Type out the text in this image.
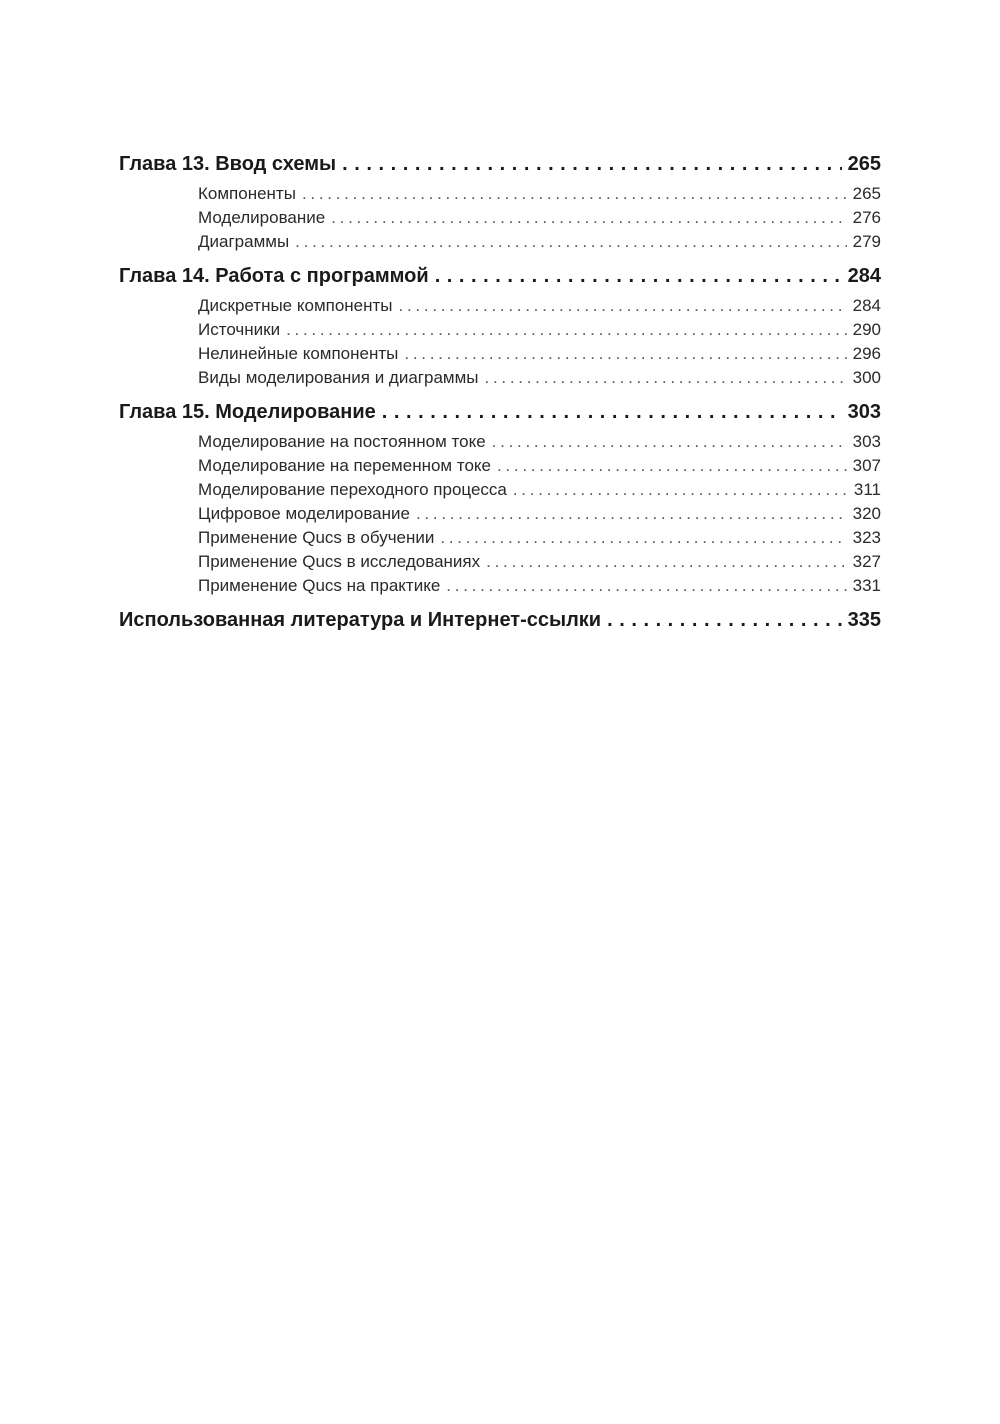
Глава 13. Ввод схемы . . .	265
Компоненты . . .	265
Моделирование . . .	276
Диаграммы . . .	279
Глава 14. Работа с программой . . .	284
Дискретные компоненты . . .	284
Источники . . .	290
Нелинейные компоненты . . .	296
Виды моделирования и диаграммы . . .	300
Глава 15. Моделирование . . .	303
Моделирование на постоянном токе . . .	303
Моделирование на переменном токе . . .	307
Моделирование переходного процесса . . .	311
Цифровое моделирование . . .	320
Применение Qucs в обучении . . .	323
Применение Qucs в исследованиях . . .	327
Применение Qucs на практике . . .	331
Использованная литература и Интернет-ссылки . . .	335
